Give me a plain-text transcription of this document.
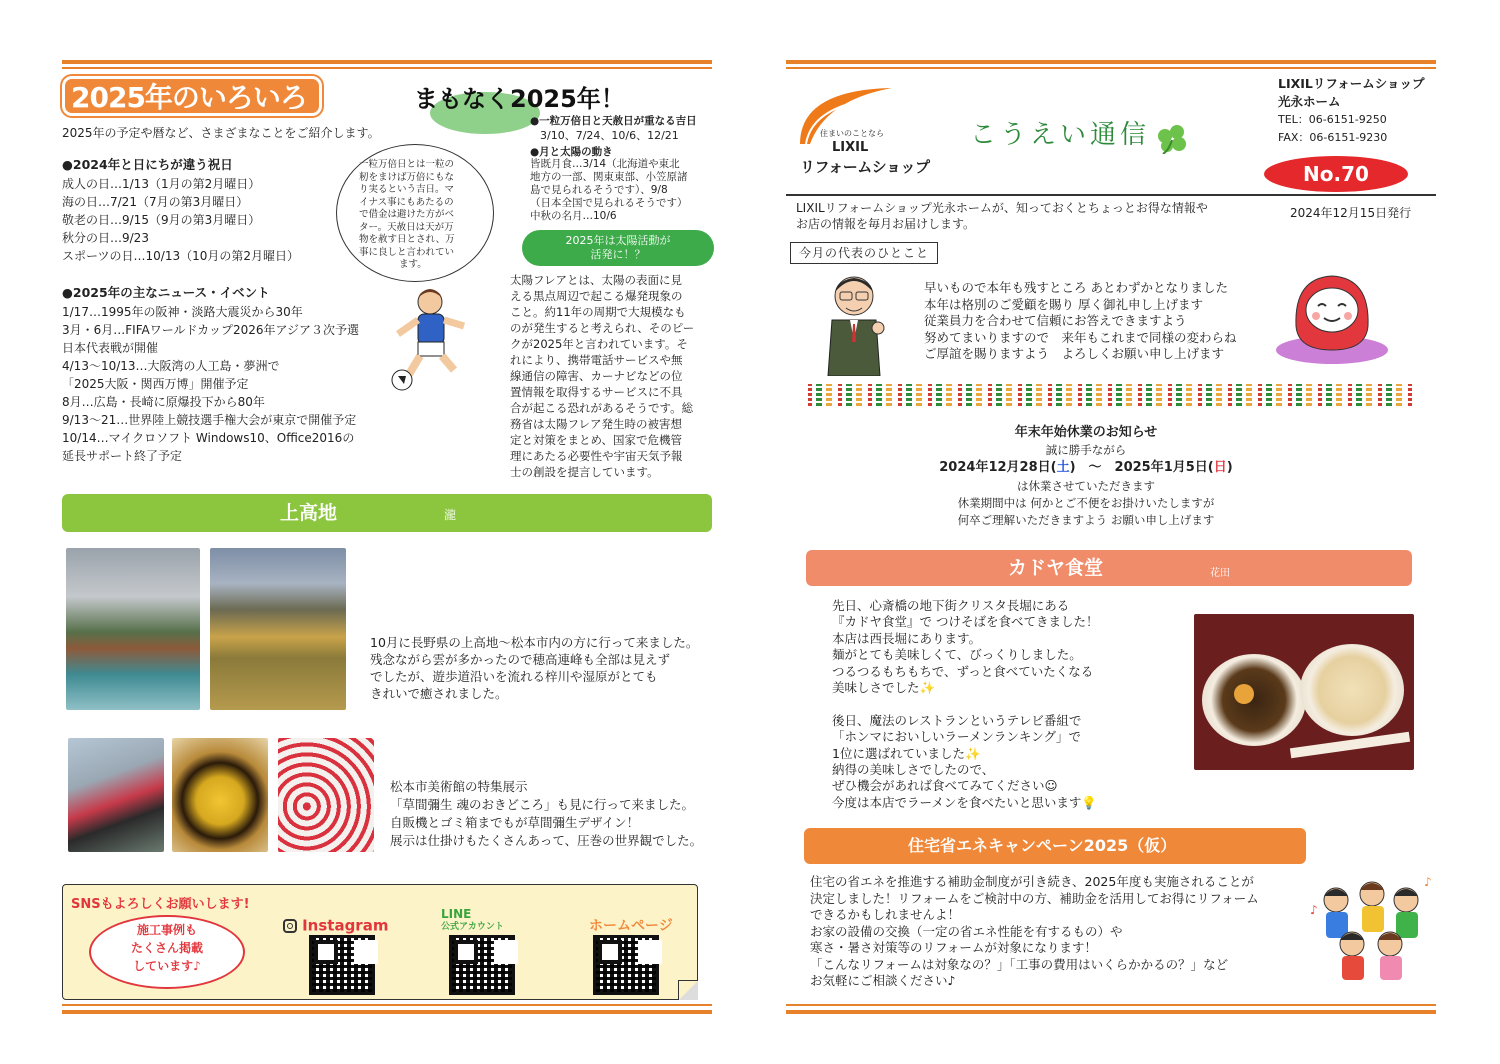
2025年のいろいろ	まもなく2025年！
2025年の予定や暦など、さまざまなことをご紹介します。
●2024年と日にちが違う祝日
成人の日…1/13（1月の第2月曜日）
海の日…7/21（7月の第3月曜日）
敬老の日…9/15（9月の第3月曜日）
秋分の日…9/23
スポーツの日…10/13（10月の第2月曜日）
●2025年の主なニュース・イベント
1/17…1995年の阪神・淡路大震災から30年
3月・6月…FIFAワールドカップ2026年アジア３次予選
日本代表戦が開催
4/13〜10/13…大阪湾の人工島・夢洲で
「2025大阪・関西万博」開催予定
8月…広島・長崎に原爆投下から80年
9/13〜21…世界陸上競技選手権大会が東京で開催予定
10/14…マイクロソフト Windows10、Office2016の
延長サポート終了予定
一粒万倍日とは一粒の
籾をまけば万倍にもな
り実るという吉日。マ
イナス事にもあたるの
で借金は避けた方がベ
ター。天赦日は天が万
物を赦す日とされ、万
事に良しと言われてい
ます。
●一粒万倍日と天赦日が重なる吉日
3/10、7/24、10/6、12/21
●月と太陽の動き
皆既月食…3/14（北海道や東北
地方の一部、関東東部、小笠原諸
島で見られるそうです）、9/8
（日本全国で見られるそうです）
中秋の名月…10/6
2025年は太陽活動が
活発に！？
太陽フレアとは、太陽の表面に見
える黒点周辺で起こる爆発現象の
こと。約11年の周期で大規模なも
のが発生すると考えられ、そのピー
クが2025年と言われています。そ
れにより、携帯電話サービスや無
線通信の障害、カーナビなどの位
置情報を取得するサービスに不具
合が起こる恐れがあるそうです。総
務省は太陽フレア発生時の被害想
定と対策をまとめ、国家で危機管
理にあたる必要性や宇宙天気予報
士の創設を提言しています。
上高地	瀧
10月に長野県の上高地〜松本市内の方に行って来ました。
残念ながら雲が多かったので穂高連峰も全部は見えず
でしたが、遊歩道沿いを流れる梓川や湿原がとても
きれいで癒されました。
松本市美術館の特集展示
「草間彌生 魂のおきどころ」も見に行って来ました。
自販機とゴミ箱までもが草間彌生デザイン！
展示は仕掛けもたくさんあって、圧巻の世界観でした。
SNSもよろしくお願いします!
施工事例も
たくさん掲載
しています♪
Instagram
LINE
公式アカウント	ホームページ
住まいのことなら
LIXIL
リフォームショップ
こうえい通信
LIXILリフォームショップ
光永ホーム
TEL：06-6151-9250
FAX：06-6151-9230
No.70
LIXILリフォームショップ光永ホームが、知っておくとちょっとお得な情報や
お店の情報を毎月お届けします。
2024年12月15日発行
今月の代表のひとこと
早いもので本年も残すところ あとわずかとなりました
本年は格別のご愛顧を賜り 厚く御礼申し上げます
従業員力を合わせて信頼にお答えできますよう
努めてまいりますので　来年もこれまで同様の変わらね
ご厚誼を賜りますよう　よろしくお願い申し上げます
年末年始休業のお知らせ
誠に勝手ながら
2024年12月28日(土)　〜　2025年1月5日(日)
は休業させていただきます
休業期間中は 何かとご不便をお掛けいたしますが
何卒ご理解いただきますよう お願い申し上げます
カドヤ食堂	花田
先日、心斎橋の地下街クリスタ長堀にある
『カドヤ食堂』で つけそばを食べてきました！
本店は西長堀にあります。
麺がとても美味しくて、びっくりしました。
つるつるもちもちで、ずっと食べていたくなる
美味しさでした✨
後日、魔法のレストランというテレビ番組で
「ホンマにおいしいラーメンランキング」で
1位に選ばれていました✨
納得の美味しさでしたので、
ぜひ機会があれば食べてみてください☺
今度は本店でラーメンを食べたいと思います💡
住宅省エネキャンペーン2025（仮）
住宅の省エネを推進する補助金制度が引き続き、2025年度も実施されることが
決定しました！リフォームをご検討中の方、補助金を活用してお得にリフォーム
できるかもしれませんよ！
お家の設備の交換（一定の省エネ性能を有するもの）や
寒さ・暑さ対策等のリフォームが対象になります！
「こんなリフォームは対象なの？」「工事の費用はいくらかかるの？」など
お気軽にご相談ください♪
♪
♪
